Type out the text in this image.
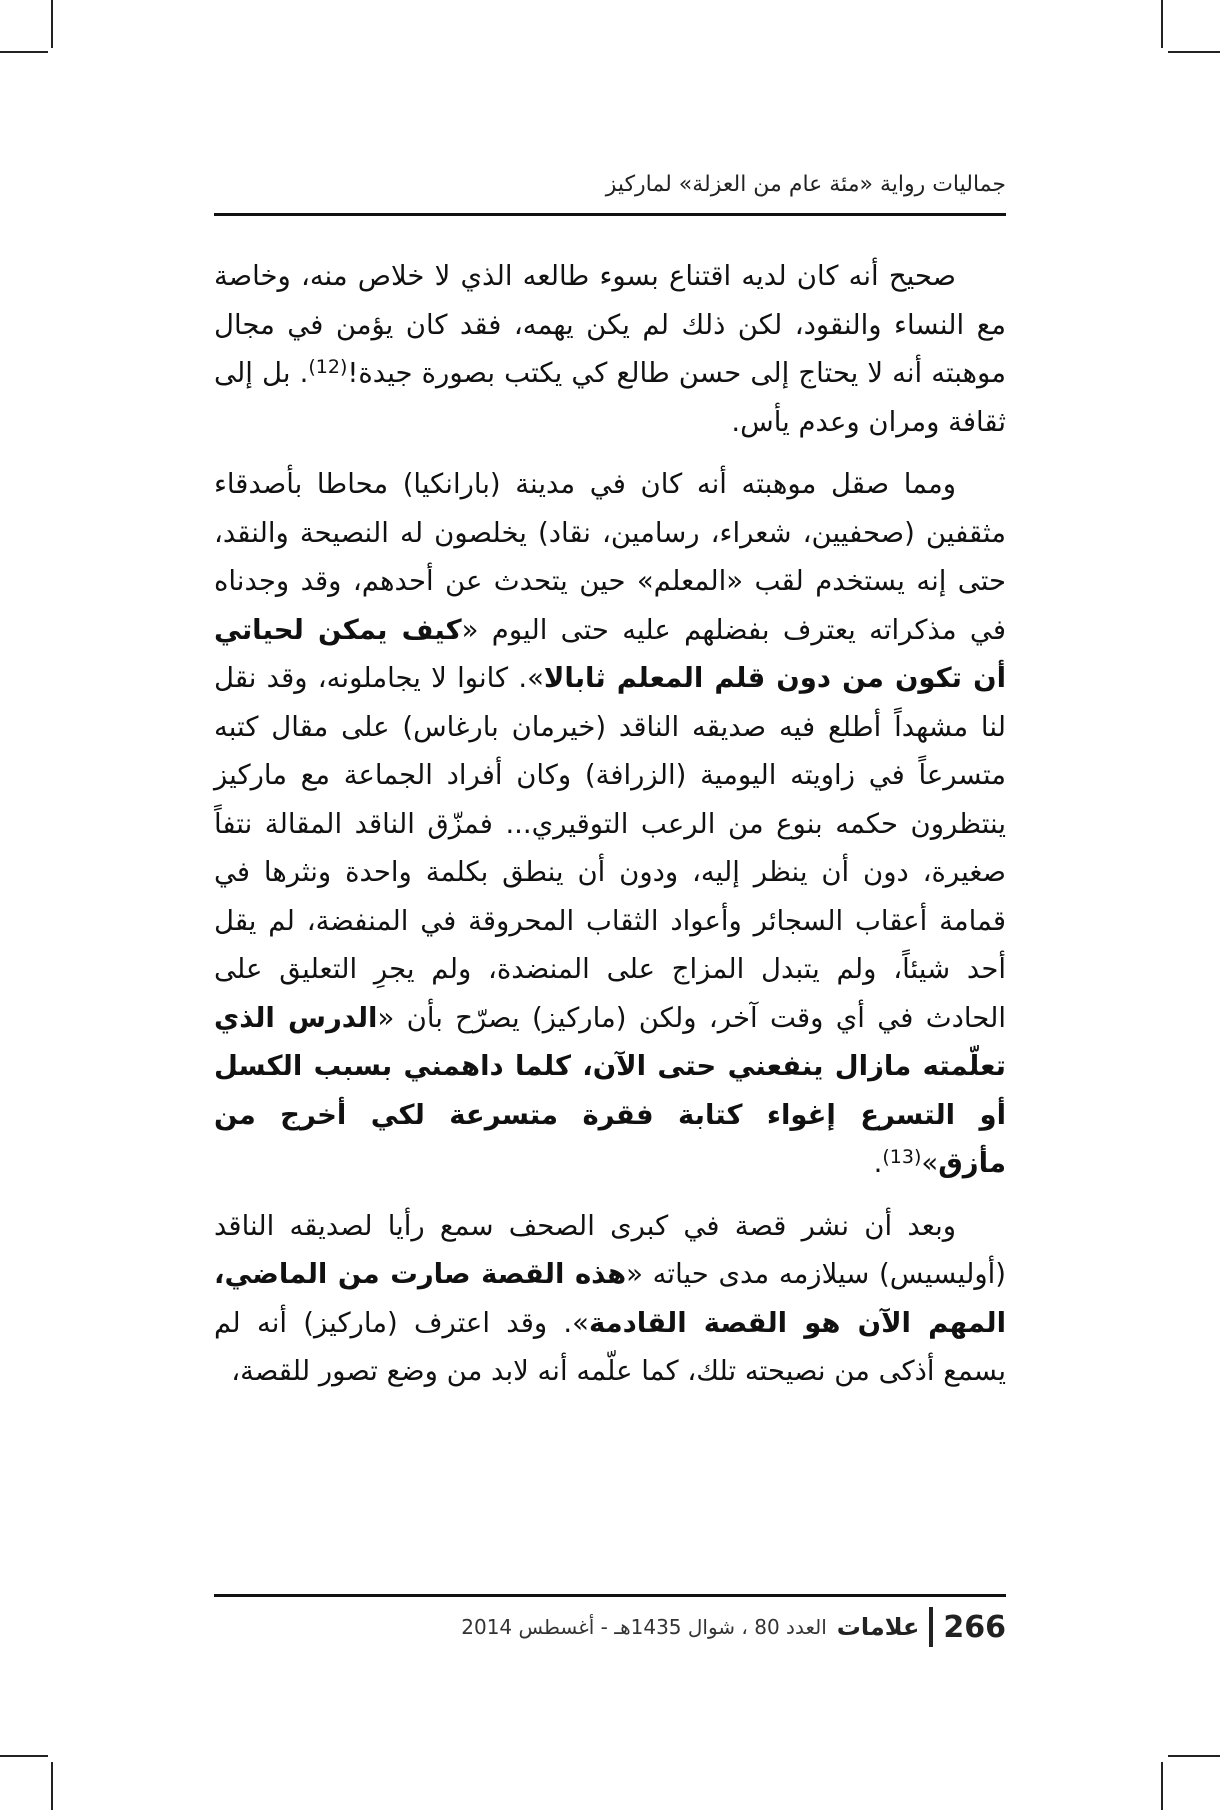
جماليات رواية «مئة عام من العزلة» لماركيز

صحيح أنه كان لديه اقتناع بسوء طالعه الذي لا خلاص منه، وخاصة مع النساء والنقود، لكن ذلك لم يكن يهمه، فقد كان يؤمن في مجال موهبته أنه لا يحتاج إلى حسن طالع كي يكتب بصورة جيدة!$^{(12)}$. بل إلى ثقافة ومران وعدم يأس.

ومما صقل موهبته أنه كان في مدينة (بارانكيا) محاطا بأصدقاء مثقفين (صحفيين، شعراء، رسامين، نقاد) يخلصون له النصيحة والنقد، حتى إنه يستخدم لقب «المعلم» حين يتحدث عن أحدهم، وقد وجدناه في مذكراته يعترف بفضلهم عليه حتى اليوم «كيف يمكن لحياتي أن تكون من دون قلم المعلم ثابالا». كانوا لا يجاملونه، وقد نقل لنا مشهداً أطلع فيه صديقه الناقد (خيرمان بارغاس) على مقال كتبه متسرعاً في زاويته اليومية (الزرافة) وكان أفراد الجماعة مع ماركيز ينتظرون حكمه بنوع من الرعب التوقيري... فمزّق الناقد المقالة نتفاً صغيرة، دون أن ينظر إليه، ودون أن ينطق بكلمة واحدة ونثرها في قمامة أعقاب السجائر وأعواد الثقاب المحروقة في المنفضة، لم يقل أحد شيئاً، ولم يتبدل المزاج على المنضدة، ولم يجرِ التعليق على الحادث في أي وقت آخر، ولكن (ماركيز) يصرّح بأن «الدرس الذي تعلّمته مازال ينفعني حتى الآن، كلما داهمني بسبب الكسل أو التسرع إغواء كتابة فقرة متسرعة لكي أخرج من مأزق»$^{(13)}$.

وبعد أن نشر قصة في كبرى الصحف سمع رأيا لصديقه الناقد (أوليسيس) سيلازمه مدى حياته «هذه القصة صارت من الماضي، المهم الآن هو القصة القادمة». وقد اعترف (ماركيز) أنه لم يسمع أذكى من نصيحته تلك، كما علّمه أنه لابد من وضع تصور للقصة،

266
علامات
العدد 80 ، شوال 1435هـ - أغسطس 2014
